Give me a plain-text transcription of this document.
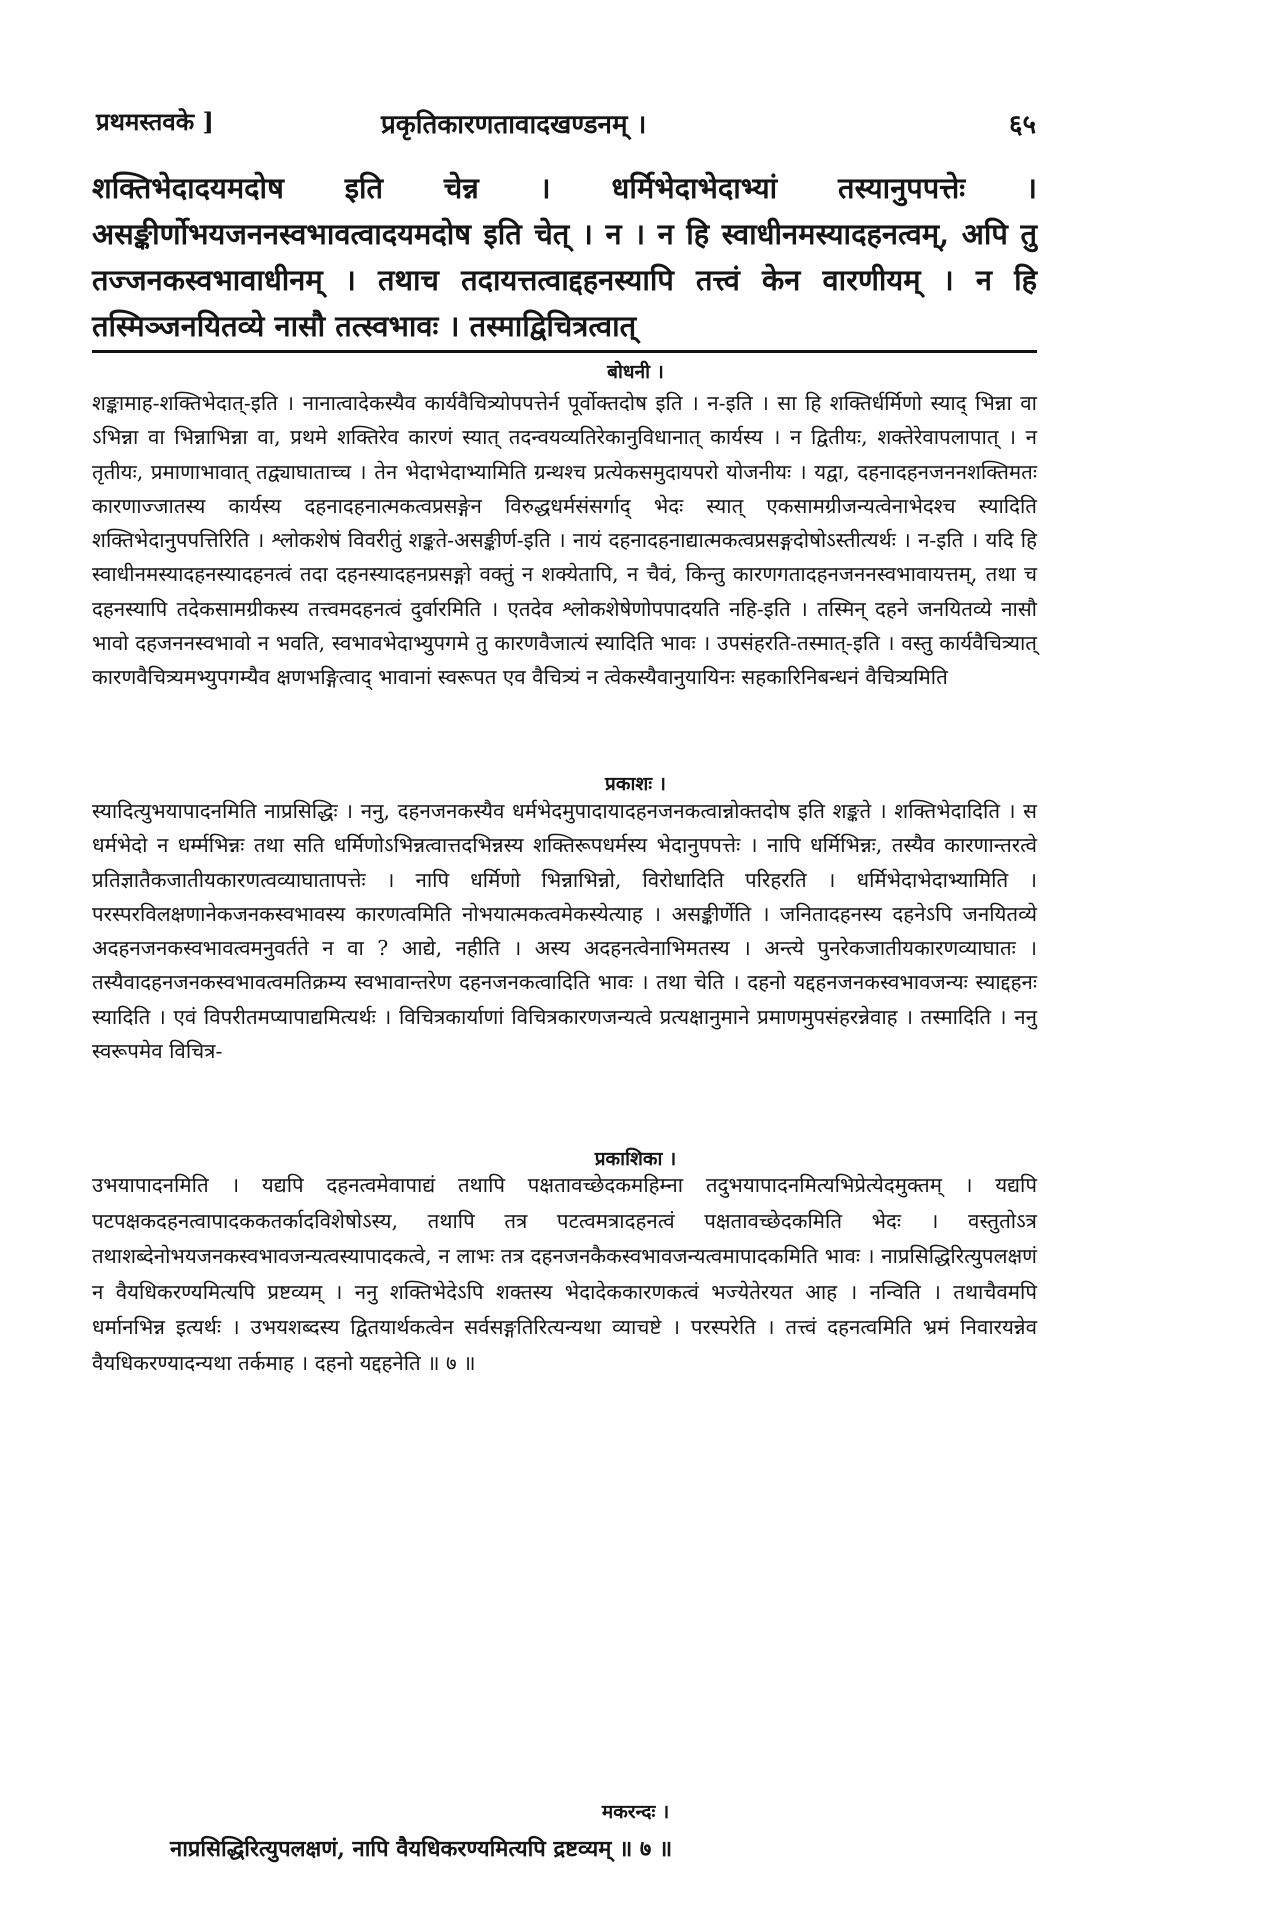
प्रथमस्तवके ]	प्रकृतिकारणतावादखण्डनम् ।	६५

शक्तिभेदादयमदोष इति चेन्न । धर्मिभेदाभेदाभ्यां तस्यानुपपत्तेः । असङ्कीर्णोभयजननस्वभावत्वादयमदोष इति चेत् । न । न हि स्वाधीनमस्यादहनत्वम्, अपि तु तज्जनकस्वभावाधीनम् । तथाच तदायत्तत्वाद्दहनस्यापि तत्त्वं केन वारणीयम् । न हि तस्मिञ्जनयितव्ये नासौ तत्स्वभावः । तस्माद्विचित्रत्वात्

बोधनी ।

शङ्कामाह-शक्तिभेदात्-इति । नानात्वादेकस्यैव कार्यवैचित्र्योपपत्तेर्न पूर्वोक्तदोष इति । न-इति । सा हि शक्तिर्धर्मिणो स्याद् भिन्ना वा ऽभिन्ना वा भिन्नाभिन्ना वा, प्रथमे शक्तिरेव कारणं स्यात् तदन्वयव्यतिरेकानुविधानात् कार्यस्य । न द्वितीयः, शक्तेरेवापलापात् । न तृतीयः, प्रमाणाभावात् तद्व्याघाताच्च । तेन भेदाभेदाभ्यामिति ग्रन्थश्च प्रत्येकसमुदायपरो योजनीयः । यद्वा, दहनादहनजननशक्तिमतः कारणाज्जातस्य कार्यस्य दहनादहनात्मकत्वप्रसङ्गेन विरुद्धधर्मसंसर्गाद् भेदः स्यात् एकसामग्रीजन्यत्वेनाभेदश्च स्यादिति शक्तिभेदानुपपत्तिरिति । श्लोकशेषं विवरीतुं शङ्कते-असङ्कीर्ण-इति । नायं दहनादहनाद्यात्मकत्वप्रसङ्गदोषोऽस्तीत्यर्थः । न-इति । यदि हि स्वाधीनमस्यादहनस्यादहनत्वं तदा दहनस्यादहनप्रसङ्गो वक्तुं न शक्येतापि, न चैवं, किन्तु कारणगतादहनजननस्वभावायत्तम्, तथा च दहनस्यापि तदेकसामग्रीकस्य तत्त्वमदहनत्वं दुर्वारमिति । एतदेव श्लोकशेषेणोपपादयति नहि-इति । तस्मिन् दहने जनयितव्ये नासौ भावो दहजननस्वभावो न भवति, स्वभावभेदाभ्युपगमे तु कारणवैजात्यं स्यादिति भावः । उपसंहरति-तस्मात्-इति । वस्तु कार्यवैचित्र्यात् कारणवैचित्र्यमभ्युपगम्यैव क्षणभङ्गित्वाद् भावानां स्वरूपत एव वैचित्र्यं न त्वेकस्यैवानुयायिनः सहकारिनिबन्धनं वैचित्र्यमिति

प्रकाशः ।

स्यादित्युभयापादनमिति नाप्रसिद्धिः । ननु, दहनजनकस्यैव धर्मभेदमुपादायादहनजनकत्वान्नोक्तदोष इति शङ्कते । शक्तिभेदादिति । स धर्मभेदो न धर्म्मभिन्नः तथा सति धर्मिणोऽभिन्नत्वात्तदभिन्नस्य शक्तिरूपधर्मस्य भेदानुपपत्तेः । नापि धर्मिभिन्नः, तस्यैव कारणान्तरत्वे प्रतिज्ञातैकजातीयकारणत्वव्याघातापत्तेः । नापि धर्मिणो भिन्नाभिन्नो, विरोधादिति परिहरति । धर्मिभेदाभेदाभ्यामिति । परस्परविलक्षणानेकजनकस्वभावस्य कारणत्वमिति नोभयात्मकत्वमेकस्येत्याह । असङ्कीर्णेति । जनितादहनस्य दहनेऽपि जनयितव्ये अदहनजनकस्वभावत्वमनुवर्तते न वा ? आद्ये, नहीति । अस्य अदहनत्वेनाभिमतस्य । अन्त्ये पुनरेकजातीयकारणव्याघातः । तस्यैवादहनजनकस्वभावत्वमतिक्रम्य स्वभावान्तरेण दहनजनकत्वादिति भावः । तथा चेति । दहनो यद्दहनजनकस्वभावजन्यः स्याद्दहनः स्यादिति । एवं विपरीतमप्यापाद्यमित्यर्थः । विचित्रकार्याणां विचित्रकारणजन्यत्वे प्रत्यक्षानुमाने प्रमाणमुपसंहरन्नेवाह । तस्मादिति । ननु स्वरूपमेव विचित्र-

प्रकाशिका ।

उभयापादनमिति । यद्यपि दहनत्वमेवापाद्यं तथापि पक्षतावच्छेदकमहिम्ना तदुभयापादनमित्यभिप्रेत्येदमुक्तम् । यद्यपि पटपक्षकदहनत्वापादककतर्कादविशेषोऽस्य, तथापि तत्र पटत्वमत्रादहनत्वं पक्षतावच्छेदकमिति भेदः । वस्तुतोऽत्र तथाशब्देनोभयजनकस्वभावजन्यत्वस्यापादकत्वे, न लाभः तत्र दहनजनकैकस्वभावजन्यत्वमापादकमिति भावः । नाप्रसिद्धिरित्युपलक्षणं न वैयधिकरण्यमित्यपि प्रष्टव्यम् । ननु शक्तिभेदेऽपि शक्तस्य भेदादेककारणकत्वं भज्येतेरयत आह । नन्विति । तथाचैवमपि धर्मानभिन्न इत्यर्थः । उभयशब्दस्य द्वितयार्थकत्वेन सर्वसङ्गतिरित्यन्यथा व्याचष्टे । परस्परेति । तत्त्वं दहनत्वमिति भ्रमं निवारयन्नेव वैयधिकरण्यादन्यथा तर्कमाह । दहनो यद्दहनेति ॥ ७ ॥

मकरन्दः ।
नाप्रसिद्धिरित्युपलक्षणं, नापि वैयधिकरण्यमित्यपि द्रष्टव्यम् ॥ ७ ॥
